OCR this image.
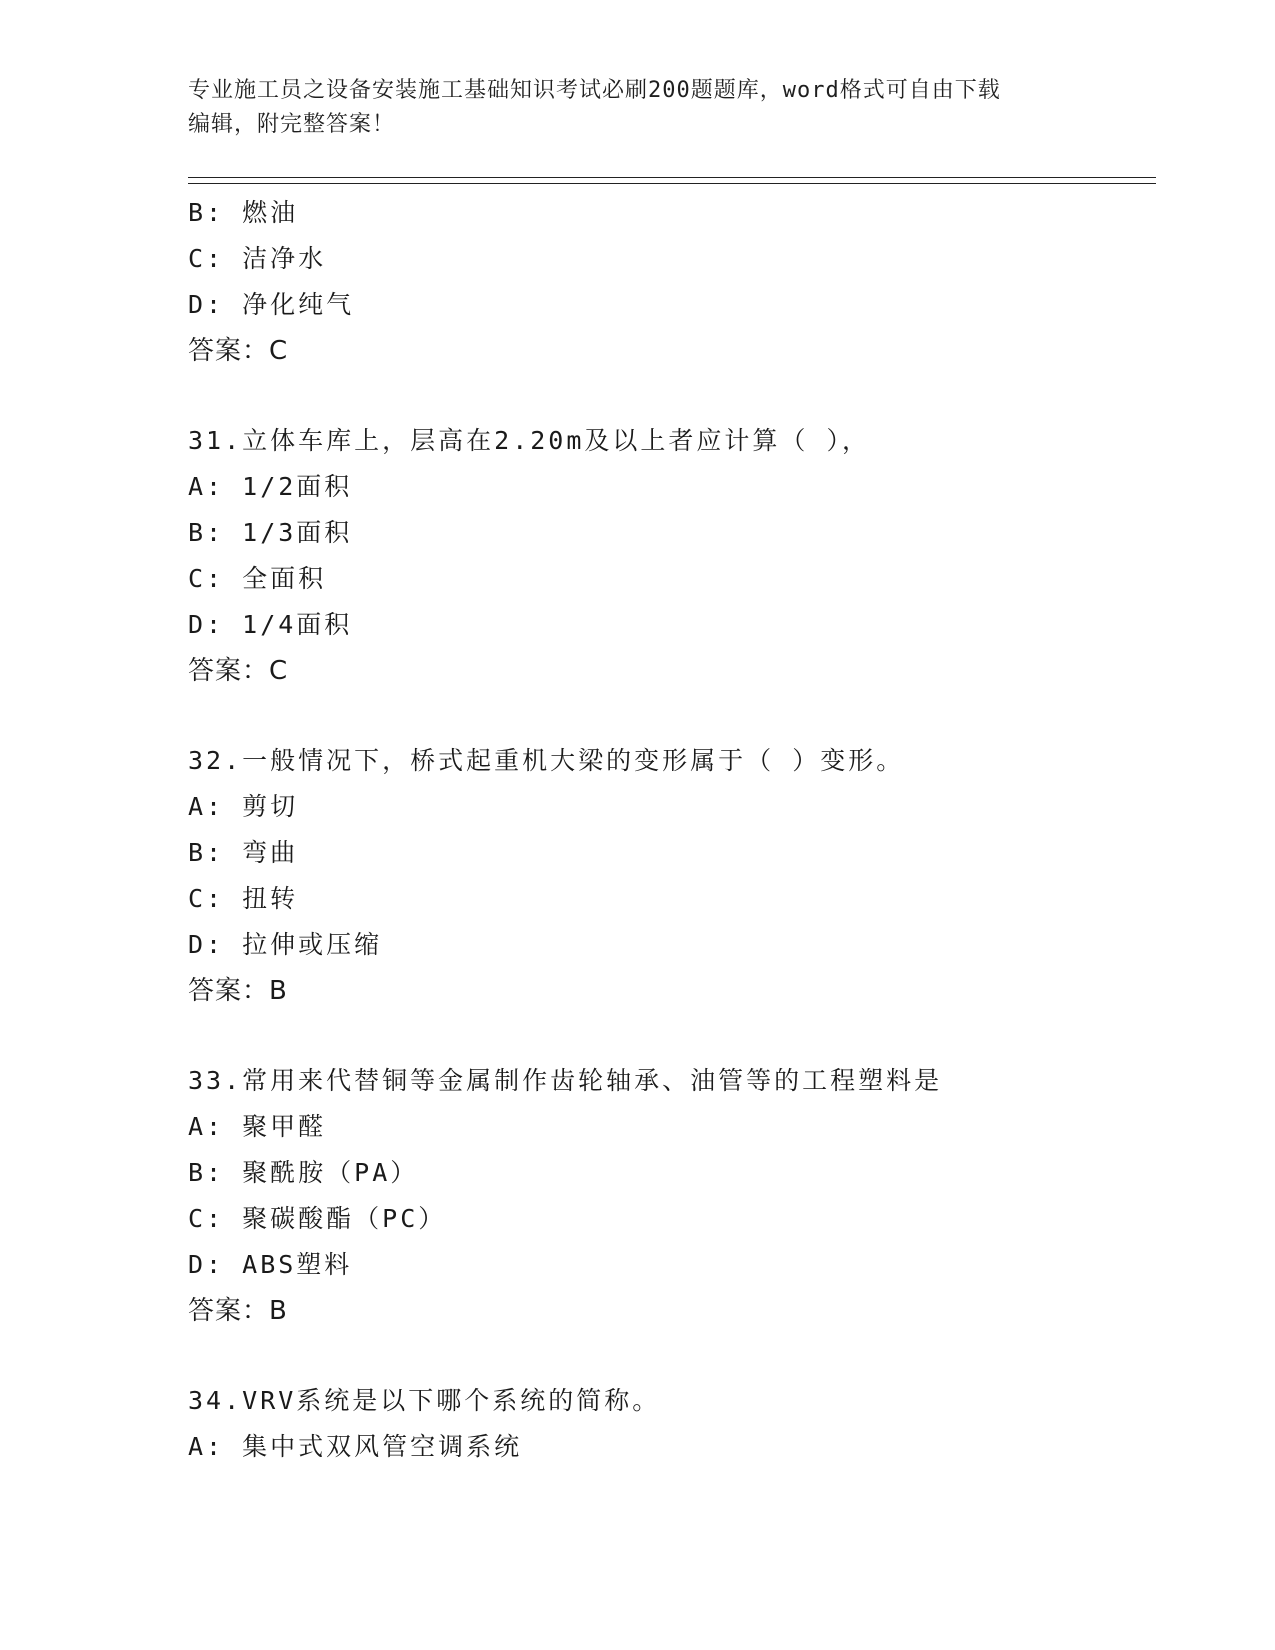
专业施工员之设备安装施工基础知识考试必刷200题题库，word格式可自由下载
编辑，附完整答案！
B: 燃油
C: 洁净水
D: 净化纯气
答案：C
31.立体车库上，层高在2.20m及以上者应计算（ ），
A: 1/2面积
B: 1/3面积
C: 全面积
D: 1/4面积
答案：C
32.一般情况下，桥式起重机大梁的变形属于（ ）变形。
A: 剪切
B: 弯曲
C: 扭转
D: 拉伸或压缩
答案：B
33.常用来代替铜等金属制作齿轮轴承、油管等的工程塑料是
A: 聚甲醛
B: 聚酰胺（PA）
C: 聚碳酸酯（PC）
D: ABS塑料
答案：B
34.VRV系统是以下哪个系统的简称。
A: 集中式双风管空调系统
